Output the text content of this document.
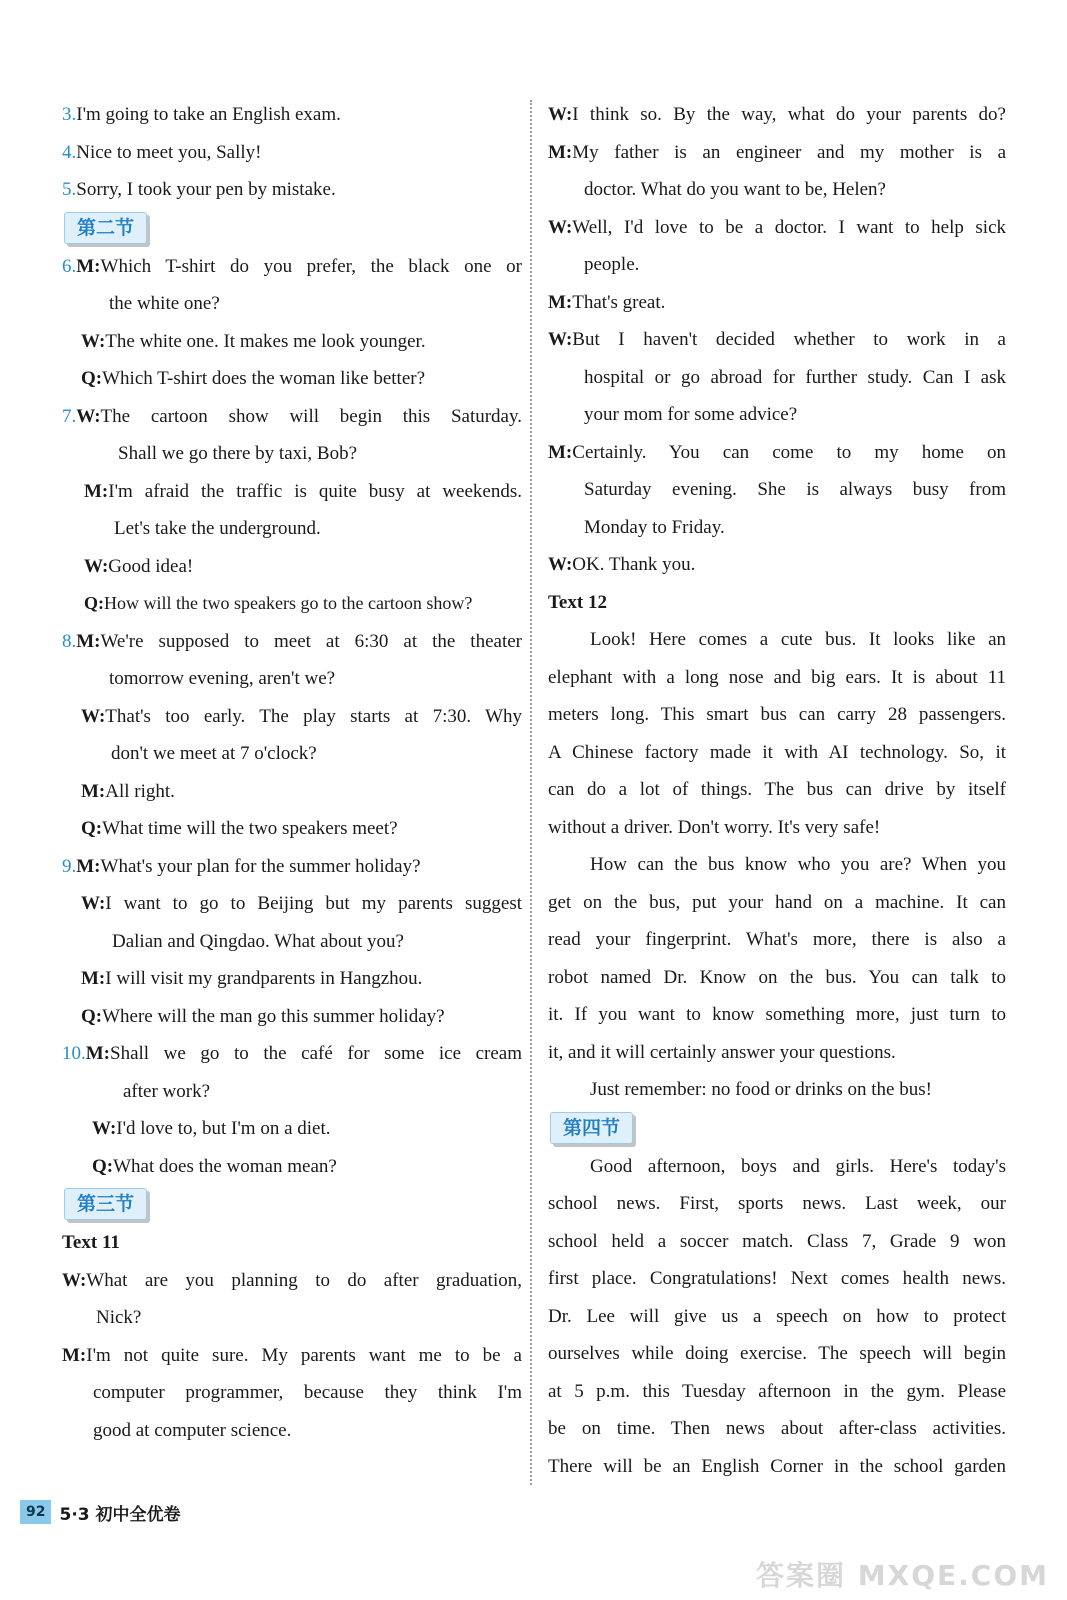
3.I'm going to take an English exam.
4.Nice to meet you, Sally!
5.Sorry, I took your pen by mistake.
第二节
6.M:Which T-shirt do you prefer, the black one or
the white one?
W:The white one. It makes me look younger.
Q:Which T-shirt does the woman like better?
7.W:The cartoon show will begin this Saturday.
Shall we go there by taxi, Bob?
M:I'm afraid the traffic is quite busy at weekends.
Let's take the underground.
W:Good idea!
Q:How will the two speakers go to the cartoon show?
8.M:We're supposed to meet at 6:30 at the theater
tomorrow evening, aren't we?
W:That's too early. The play starts at 7:30. Why
don't we meet at 7 o'clock?
M:All right.
Q:What time will the two speakers meet?
9.M:What's your plan for the summer holiday?
W:I want to go to Beijing but my parents suggest
Dalian and Qingdao. What about you?
M:I will visit my grandparents in Hangzhou.
Q:Where will the man go this summer holiday?
10.M:Shall we go to the café for some ice cream
after work?
W:I'd love to, but I'm on a diet.
Q:What does the woman mean?
第三节
Text 11
W:What are you planning to do after graduation,
Nick?
M:I'm not quite sure. My parents want me to be a
computer programmer, because they think I'm
good at computer science.
W:I think so. By the way, what do your parents do?
M:My father is an engineer and my mother is a
doctor. What do you want to be, Helen?
W:Well, I'd love to be a doctor. I want to help sick
people.
M:That's great.
W:But I haven't decided whether to work in a
hospital or go abroad for further study. Can I ask
your mom for some advice?
M:Certainly. You can come to my home on
Saturday evening. She is always busy from
Monday to Friday.
W:OK. Thank you.
Text 12
Look! Here comes a cute bus. It looks like an
elephant with a long nose and big ears. It is about 11
meters long. This smart bus can carry 28 passengers.
A Chinese factory made it with AI technology. So, it
can do a lot of things. The bus can drive by itself
without a driver. Don't worry. It's very safe!
How can the bus know who you are? When you
get on the bus, put your hand on a machine. It can
read your fingerprint. What's more, there is also a
robot named Dr. Know on the bus. You can talk to
it. If you want to know something more, just turn to
it, and it will certainly answer your questions.
Just remember: no food or drinks on the bus!
第四节
Good afternoon, boys and girls. Here's today's
school news. First, sports news. Last week, our
school held a soccer match. Class 7, Grade 9 won
first place. Congratulations! Next comes health news.
Dr. Lee will give us a speech on how to protect
ourselves while doing exercise. The speech will begin
at 5 p.m. this Tuesday afternoon in the gym. Please
be on time. Then news about after-class activities.
There will be an English Corner in the school garden
92 5·3 初中全优卷
答案圈 MXQE.COM
